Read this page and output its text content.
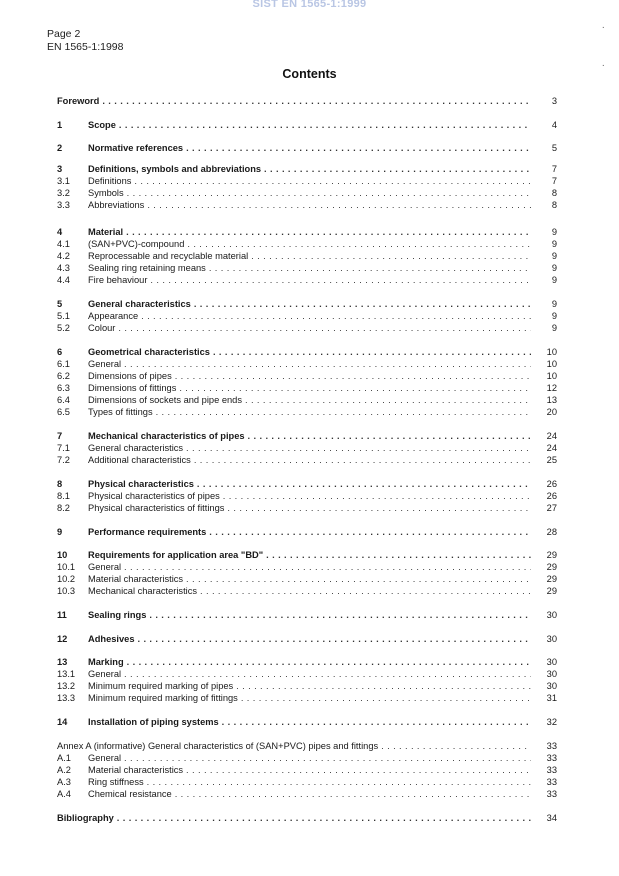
SIST EN 1565-1:1999
Page 2
EN 1565-1:1998
·
·
Contents
Foreword . . .	3
1	Scope . . .	4
2	Normative references . . .	5
3	Definitions, symbols and abbreviations . . .	7
3.1 Definitions . . .	7
3.2 Symbols . . .	8
3.3 Abbreviations . . .	8
4	Material . . .	9
4.1 (SAN+PVC)-compound . . .	9
4.2 Reprocessable and recyclable material . . .	9
4.3 Sealing ring retaining means . . .	9
4.4 Fire behaviour . . .	9
5	General characteristics . . .	9
5.1 Appearance . . .	9
5.2 Colour . . .	9
6	Geometrical characteristics . . .	10
6.1 General . . .	10
6.2 Dimensions of pipes . . .	10
6.3 Dimensions of fittings . . .	12
6.4 Dimensions of sockets and pipe ends . . .	13
6.5 Types of fittings . . .	20
7	Mechanical characteristics of pipes . . .	24
7.1 General characteristics . . .	24
7.2 Additional characteristics . . .	25
8	Physical characteristics . . .	26
8.1 Physical characteristics of pipes . . .	26
8.2 Physical characteristics of fittings . . .	27
9	Performance requirements . . .	28
10 Requirements for application area "BD" . . .	29
10.1 General . . .	29
10.2 Material characteristics . . .	29
10.3 Mechanical characteristics . . .	29
11 Sealing rings . . .	30
12 Adhesives . . .	30
13 Marking . . .	30
13.1 General . . .	30
13.2 Minimum required marking of pipes . . .	30
13.3 Minimum required marking of fittings . . .	31
14 Installation of piping systems . . .	32
Annex A (informative) General characteristics of (SAN+PVC) pipes and fittings . . .	33
A.1 General . . .	33
A.2 Material characteristics . . .	33
A.3 Ring stiffness . . .	33
A.4 Chemical resistance . . .	33
Bibliography . . .	34
